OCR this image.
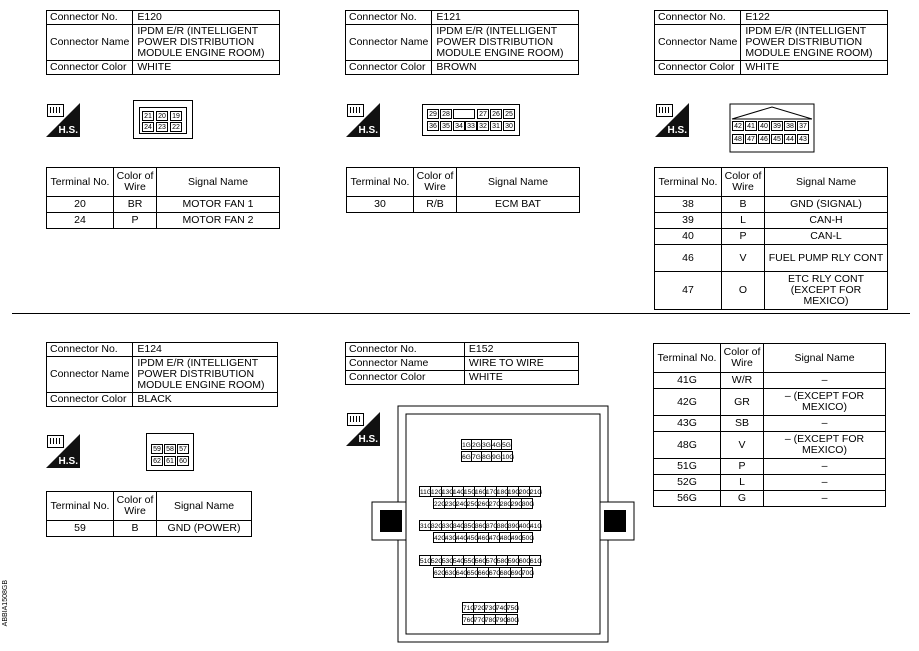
Connector No.	E120
Connector Name	IPDM E/R (INTELLIGENT POWER DISTRIBUTION MODULE ENGINE ROOM)
Connector Color	WHITE
H.S.
21 20 19
24 23 22
Terminal No.	Color of Wire	Signal Name
20	BR	MOTOR FAN 1
24	P	MOTOR FAN 2
Connector No.	E121
Connector Name	IPDM E/R (INTELLIGENT POWER DISTRIBUTION MODULE ENGINE ROOM)
Connector Color	BROWN
H.S.
29 28	27 26 25
36 35 34 33 32 31 30
Terminal No.	Color of Wire	Signal Name
30	R/B	ECM BAT
Connector No.	E122
Connector Name	IPDM E/R (INTELLIGENT POWER DISTRIBUTION MODULE ENGINE ROOM)
Connector Color	WHITE
H.S.	42 41 40 39 38 37
48 47 46 45 44 43
Terminal No.	Color of Wire	Signal Name
38	B	GND (SIGNAL)
39	L	CAN-H
40	P	CAN-L
46	V	FUEL PUMP RLY CONT
47	O	ETC RLY CONT (EXCEPT FOR MEXICO)
Connector No.	E124
Connector Name	IPDM E/R (INTELLIGENT POWER DISTRIBUTION MODULE ENGINE ROOM)
Connector Color	BLACK
H.S.
59 58 57
62 61 60
Terminal No.	Color of Wire	Signal Name
59	B	GND (POWER)
Connector No.	E152
Connector Name	WIRE TO WIRE
Connector Color	WHITE
H.S.
1G2G3G4G5G
6G7G8G9G10G
11G12G13G14G15G16G17G18G19G20G21G
22G23G24G25G26G27G28G29G30G
31G32G33G34G35G36G37G38G39G40G41G
42G43G44G45G46G47G48G49G50G
51G52G53G54G55G56G57G58G59G60G61G
62G63G64G65G66G67G68G69G70G
71G72G73G74G75G
76G77G78G79G80G
Terminal No.	Color of Wire	Signal Name
41G	W/R	–
42G	GR	– (EXCEPT FOR MEXICO)
43G	SB	–
48G	V	– (EXCEPT FOR MEXICO)
51G	P	–
52G	L	–
56G	G	–
ABBIA1508GB
